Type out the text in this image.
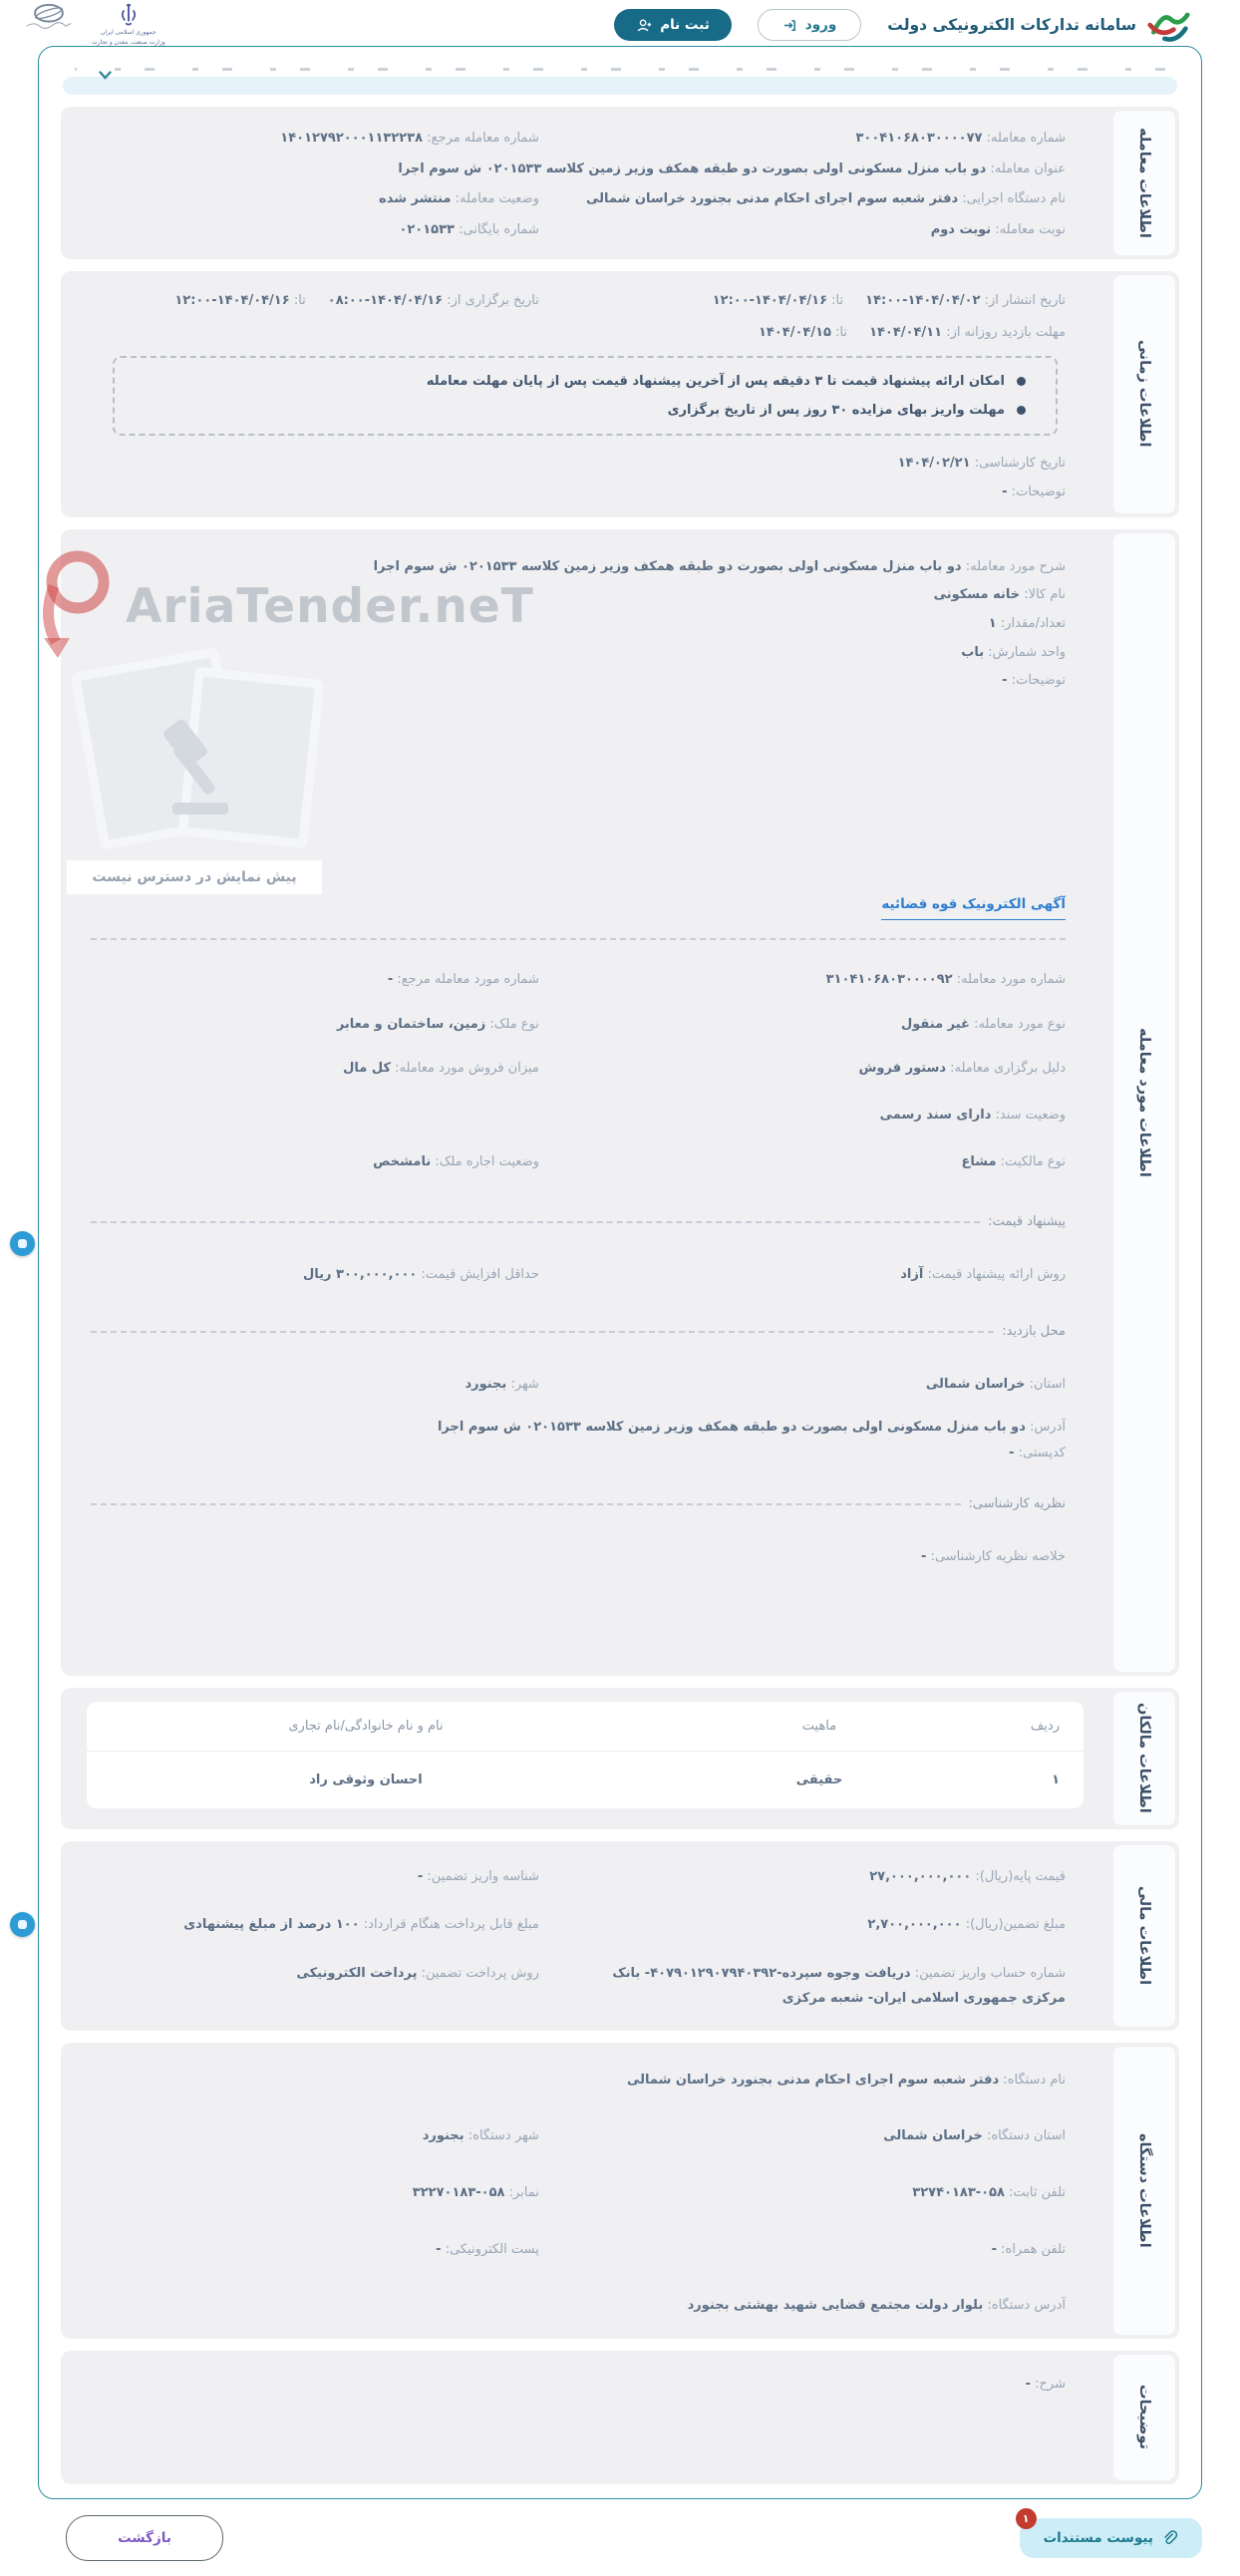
سامانه تدارکات الکترونیکی دولت
ورود
ثبت نام
جمهوری اسلامی ایران
وزارت صنعت، معدن و تجارت
اطلاعات معامله
شماره معامله: ۳۰۰۴۱۰۶۸۰۳۰۰۰۰۷۷
شماره معامله مرجع: ۱۴۰۱۲۷۹۲۰۰۰۱۱۳۲۲۳۸
عنوان معامله: دو باب منزل مسکونی اولی بصورت دو طبقه همکف وزیر زمین کلاسه ۰۲۰۱۵۳۳ ش سوم اجرا
نام دستگاه اجرایی: دفتر شعبه سوم اجرای احکام مدنی بجنورد خراسان شمالی
وضعیت معامله: منتشر شده
نوبت معامله: نوبت دوم
شماره بایگانی: ۰۲۰۱۵۳۳
اطلاعات زمانی
تاریخ انتشار از: ۱۴۰۴/۰۴/۰۲-۱۴:۰۰تا: ۱۴۰۴/۰۴/۱۶-۱۲:۰۰
تاریخ برگزاری از: ۱۴۰۴/۰۴/۱۶-۰۸:۰۰تا: ۱۴۰۴/۰۴/۱۶-۱۲:۰۰
مهلت بازدید روزانه از: ۱۴۰۴/۰۴/۱۱تا: ۱۴۰۴/۰۴/۱۵
امکان ارائه پیشنهاد قیمت تا ۳ دقیقه پس از آخرین پیشنهاد قیمت پس از پایان مهلت معامله
مهلت واریز بهای مزایده ۳۰ روز پس از تاریخ برگزاری
تاریخ کارشناسی: ۱۴۰۴/۰۲/۲۱
توضیحات: -
اطلاعات مورد معامله
شرح مورد معامله: دو باب منزل مسکونی اولی بصورت دو طبقه همکف وزیر زمین کلاسه ۰۲۰۱۵۳۳ ش سوم اجرا
نام کالا: خانه مسکونی
تعداد/مقدار: ۱
واحد شمارش: باب
توضیحات: -
آگهی الکترونیک قوه قضائیه
شماره مورد معامله: ۳۱۰۴۱۰۶۸۰۳۰۰۰۰۹۲
شماره مورد معامله مرجع: -
نوع مورد معامله: غیر منقول
نوع ملک: زمین، ساختمان و معابر
دلیل برگزاری معامله: دستور فروش
میزان فروش مورد معامله: کل مال
وضعیت سند: دارای سند رسمی
نوع مالکیت: مشاع
وضعیت اجاره ملک: نامشخص
پیشنهاد قیمت:
روش ارائه پیشنهاد قیمت: آزاد
حداقل افزایش قیمت: ۳۰۰,۰۰۰,۰۰۰ ریال
محل بازدید:
استان: خراسان شمالی
شهر: بجنورد
آدرس: دو باب منزل مسکونی اولی بصورت دو طبقه همکف وزیر زمین کلاسه ۰۲۰۱۵۳۳ ش سوم اجرا
کدپستی: -
نظریه کارشناسی:
خلاصه نظریه کارشناسی: -
پیش نمایش در دسترس نیست
اطلاعات مالکان
ردیف
ماهیت
نام و نام خانوادگی/نام تجاری
۱
حقیقی
احسان وثوقی راد
اطلاعات مالی
قیمت پایه(ریال): ۲۷,۰۰۰,۰۰۰,۰۰۰
شناسه واریز تضمین: -
مبلغ تضمین(ریال): ۲,۷۰۰,۰۰۰,۰۰۰
مبلغ قابل پرداخت هنگام قرارداد: ۱۰۰ درصد از مبلغ پیشنهادی
شماره حساب واریز تضمین: دریافت وجوه سپرده-۴۰۷۹۰۱۲۹۰۷۹۴۰۳۹۲- بانک مرکزی جمهوری اسلامی ایران- شعبه مرکزی
روش پرداخت تضمین: پرداخت الکترونیکی
اطلاعات دستگاه
نام دستگاه: دفتر شعبه سوم اجرای احکام مدنی بجنورد خراسان شمالی
استان دستگاه: خراسان شمالی
شهر دستگاه: بجنورد
تلفن ثابت: ۰۵۸-۳۲۷۴۰۱۸۳
نمابر: ۰۵۸-۳۲۲۷۰۱۸۳
تلفن همراه: -
پست الکترونیکی: -
آدرس دستگاه: بلوار دولت مجتمع قضایی شهید بهشتی بجنورد
توضیحات
شرح: -
۱
پیوست مستندات
بازگشت
AriaTender.neT
